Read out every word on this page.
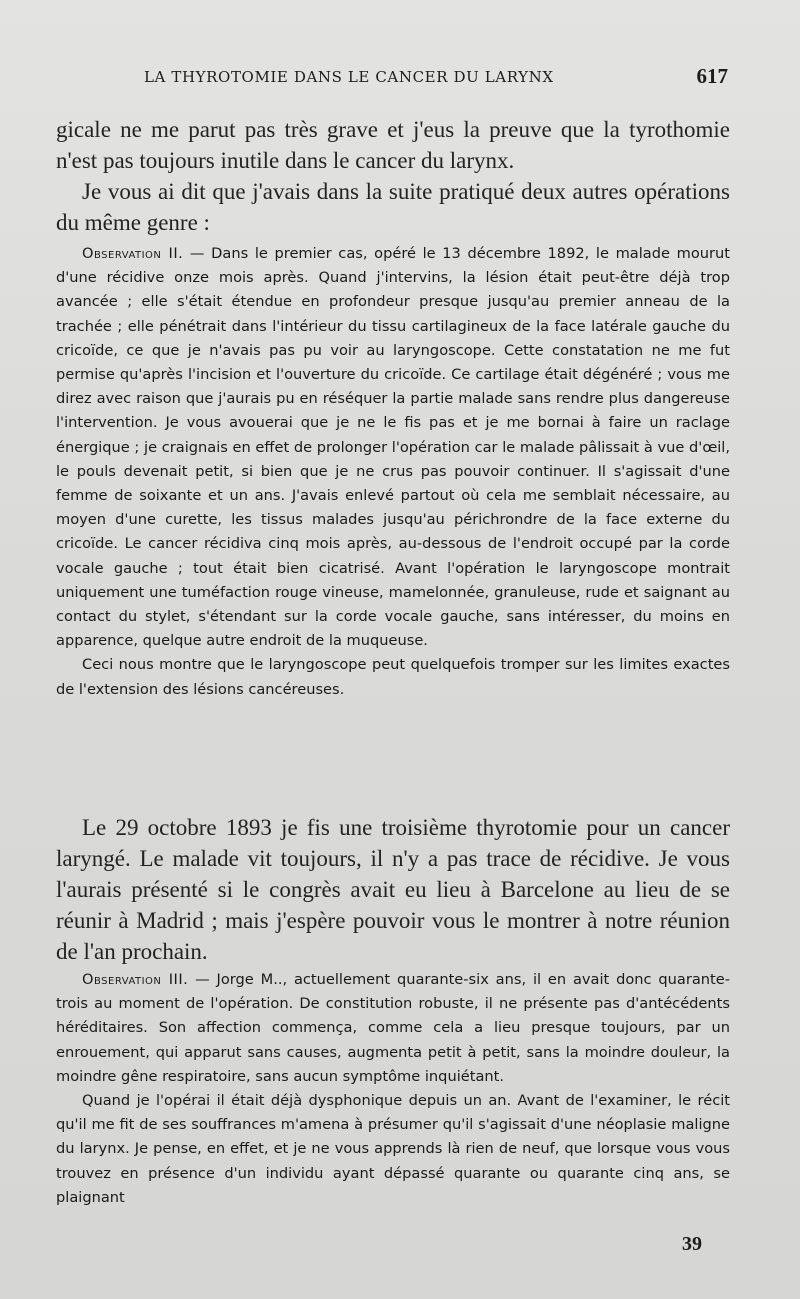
LA THYROTOMIE DANS LE CANCER DU LARYNX	617

gicale ne me parut pas très grave et j'eus la preuve que la tyrothomie n'est pas toujours inutile dans le cancer du larynx.

Je vous ai dit que j'avais dans la suite pratiqué deux autres opérations du même genre :

Observation II. — Dans le premier cas, opéré le 13 décembre 1892, le malade mourut d'une récidive onze mois après. Quand j'intervins, la lésion était peut-être déjà trop avancée ; elle s'était étendue en profondeur presque jusqu'au premier anneau de la trachée ; elle pénétrait dans l'intérieur du tissu cartilagineux de la face latérale gauche du cricoïde, ce que je n'avais pas pu voir au laryngoscope. Cette constatation ne me fut permise qu'après l'incision et l'ouverture du cricoïde. Ce cartilage était dégénéré ; vous me direz avec raison que j'aurais pu en réséquer la partie malade sans rendre plus dangereuse l'intervention. Je vous avouerai que je ne le fis pas et je me bornai à faire un raclage énergique ; je craignais en effet de prolonger l'opération car le malade pâlissait à vue d'œil, le pouls devenait petit, si bien que je ne crus pas pouvoir continuer. Il s'agissait d'une femme de soixante et un ans. J'avais enlevé partout où cela me semblait nécessaire, au moyen d'une curette, les tissus malades jusqu'au périchrondre de la face externe du cricoïde. Le cancer récidiva cinq mois après, au-dessous de l'endroit occupé par la corde vocale gauche ; tout était bien cicatrisé. Avant l'opération le laryngoscope montrait uniquement une tuméfaction rouge vineuse, mamelonnée, granuleuse, rude et saignant au contact du stylet, s'étendant sur la corde vocale gauche, sans intéresser, du moins en apparence, quelque autre endroit de la muqueuse.

Ceci nous montre que le laryngoscope peut quelquefois tromper sur les limites exactes de l'extension des lésions cancéreuses.

Le 29 octobre 1893 je fis une troisième thyrotomie pour un cancer laryngé. Le malade vit toujours, il n'y a pas trace de récidive. Je vous l'aurais présenté si le congrès avait eu lieu à Barcelone au lieu de se réunir à Madrid ; mais j'espère pouvoir vous le montrer à notre réunion de l'an prochain.

Observation III. — Jorge M.., actuellement quarante-six ans, il en avait donc quarante-trois au moment de l'opération. De constitution robuste, il ne présente pas d'antécédents héréditaires. Son affection commença, comme cela a lieu presque toujours, par un enrouement, qui apparut sans causes, augmenta petit à petit, sans la moindre douleur, la moindre gêne respiratoire, sans aucun symptôme inquiétant.

Quand je l'opérai il était déjà dysphonique depuis un an. Avant de l'examiner, le récit qu'il me fit de ses souffrances m'amena à présumer qu'il s'agissait d'une néoplasie maligne du larynx. Je pense, en effet, et je ne vous apprends là rien de neuf, que lorsque vous vous trouvez en présence d'un individu ayant dépassé quarante ou quarante cinq ans, se plaignant

39
